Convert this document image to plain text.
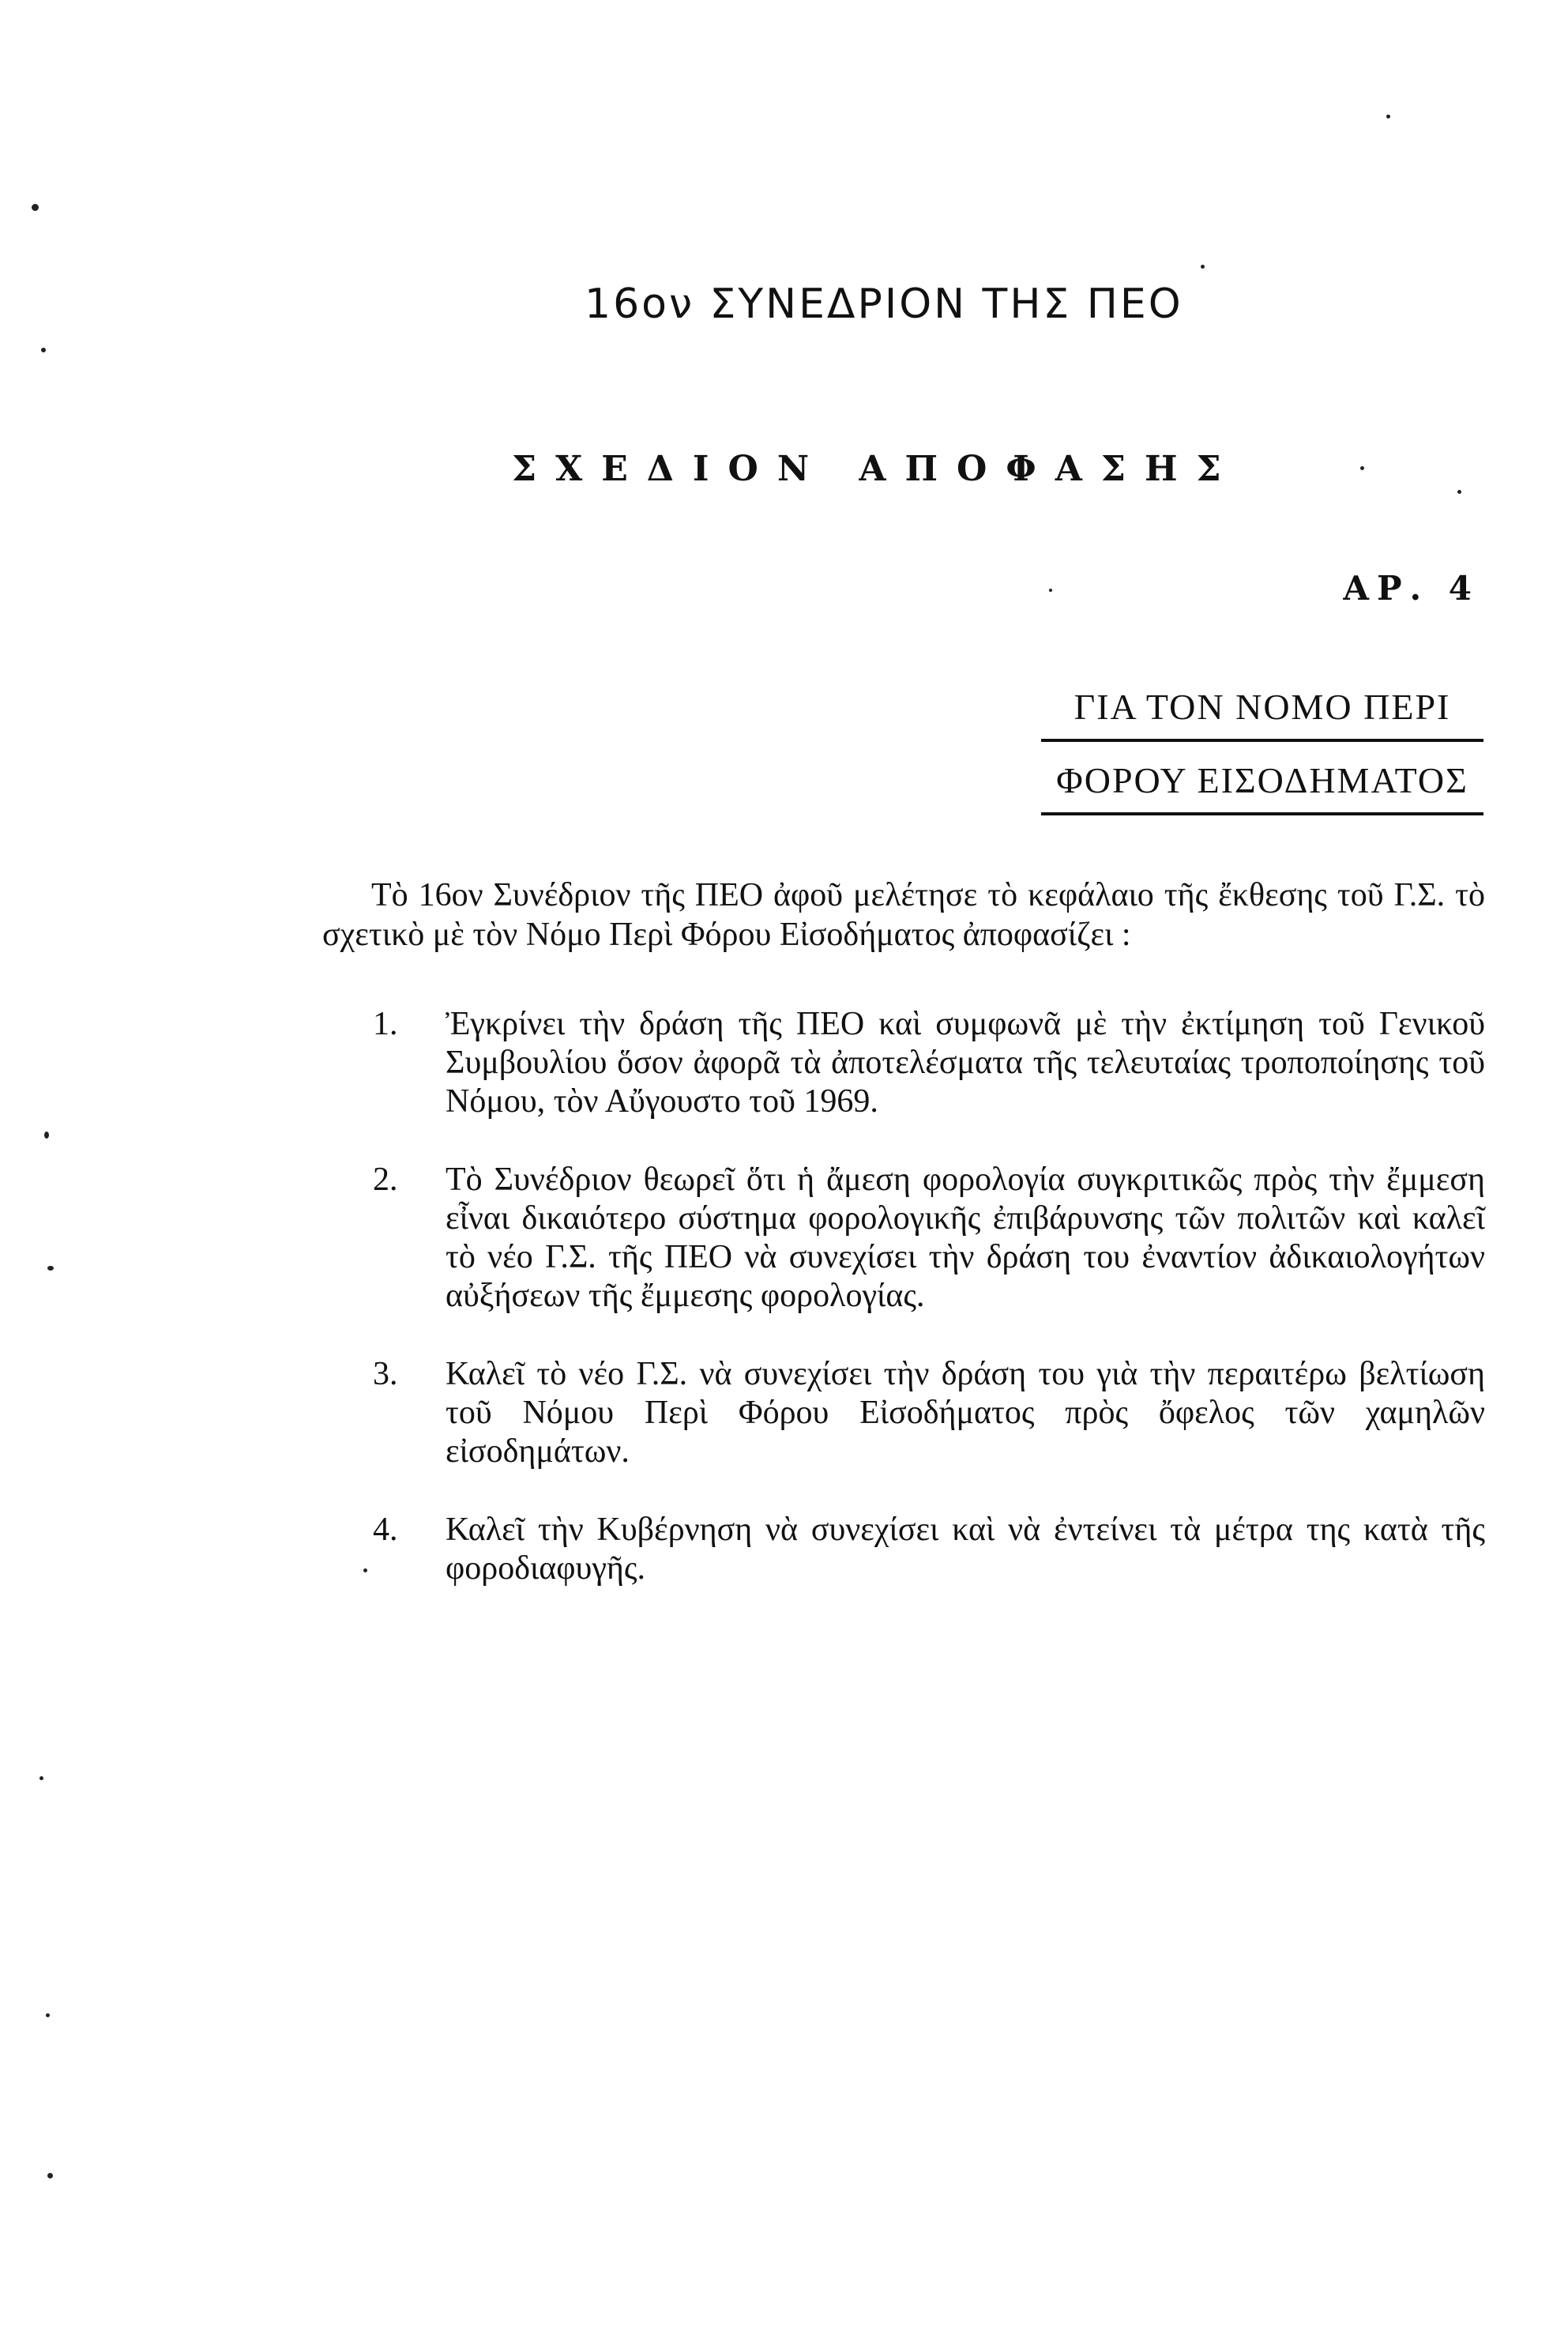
16ον ΣΥΝΕΔΡΙΟΝ ΤΗΣ ΠΕΟ
ΣΧΕΔΙΟΝ ΑΠΟΦΑΣΗΣ
ΑΡ. 4
ΓΙΑ ΤΟΝ ΝΟΜΟ ΠΕΡΙ
ΦΟΡΟΥ ΕΙΣΟΔΗΜΑΤΟΣ
Τὸ 16ον Συνέδριον τῆς ΠΕΟ ἀφοῦ μελέτησε τὸ κεφάλαιο τῆς ἔκθεσης τοῦ Γ.Σ. τὸ σχετικὸ μὲ τὸν Νόμο Περὶ Φόρου Εἰσοδήματος ἀποφασίζει :
1. Ἐγκρίνει τὴν δράση τῆς ΠΕΟ καὶ συμφωνᾶ μὲ τὴν ἐκτίμηση τοῦ Γενικοῦ Συμβουλίου ὅσον ἀφορᾶ τὰ ἀποτελέσματα τῆς τελευταίας τροποποίησης τοῦ Νόμου, τὸν Αὔγουστο τοῦ 1969.
2. Τὸ Συνέδριον θεωρεῖ ὅτι ἡ ἄμεση φορολογία συγκριτικῶς πρὸς τὴν ἔμμεση εἶναι δικαιότερο σύστημα φορολογικῆς ἐπιβάρυνσης τῶν πολιτῶν καὶ καλεῖ τὸ νέο Γ.Σ. τῆς ΠΕΟ νὰ συνεχίσει τὴν δράση του ἐναντίον ἀδικαιολογήτων αὐξήσεων τῆς ἔμμεσης φορολογίας.
3. Καλεῖ τὸ νέο Γ.Σ. νὰ συνεχίσει τὴν δράση του γιὰ τὴν περαιτέρω βελτίωση τοῦ Νόμου Περὶ Φόρου Εἰσοδήματος πρὸς ὄφελος τῶν χαμηλῶν εἰσοδημάτων.
4. Καλεῖ τὴν Κυβέρνηση νὰ συνεχίσει καὶ νὰ ἐντείνει τὰ μέτρα της κατὰ τῆς φοροδιαφυγῆς.
